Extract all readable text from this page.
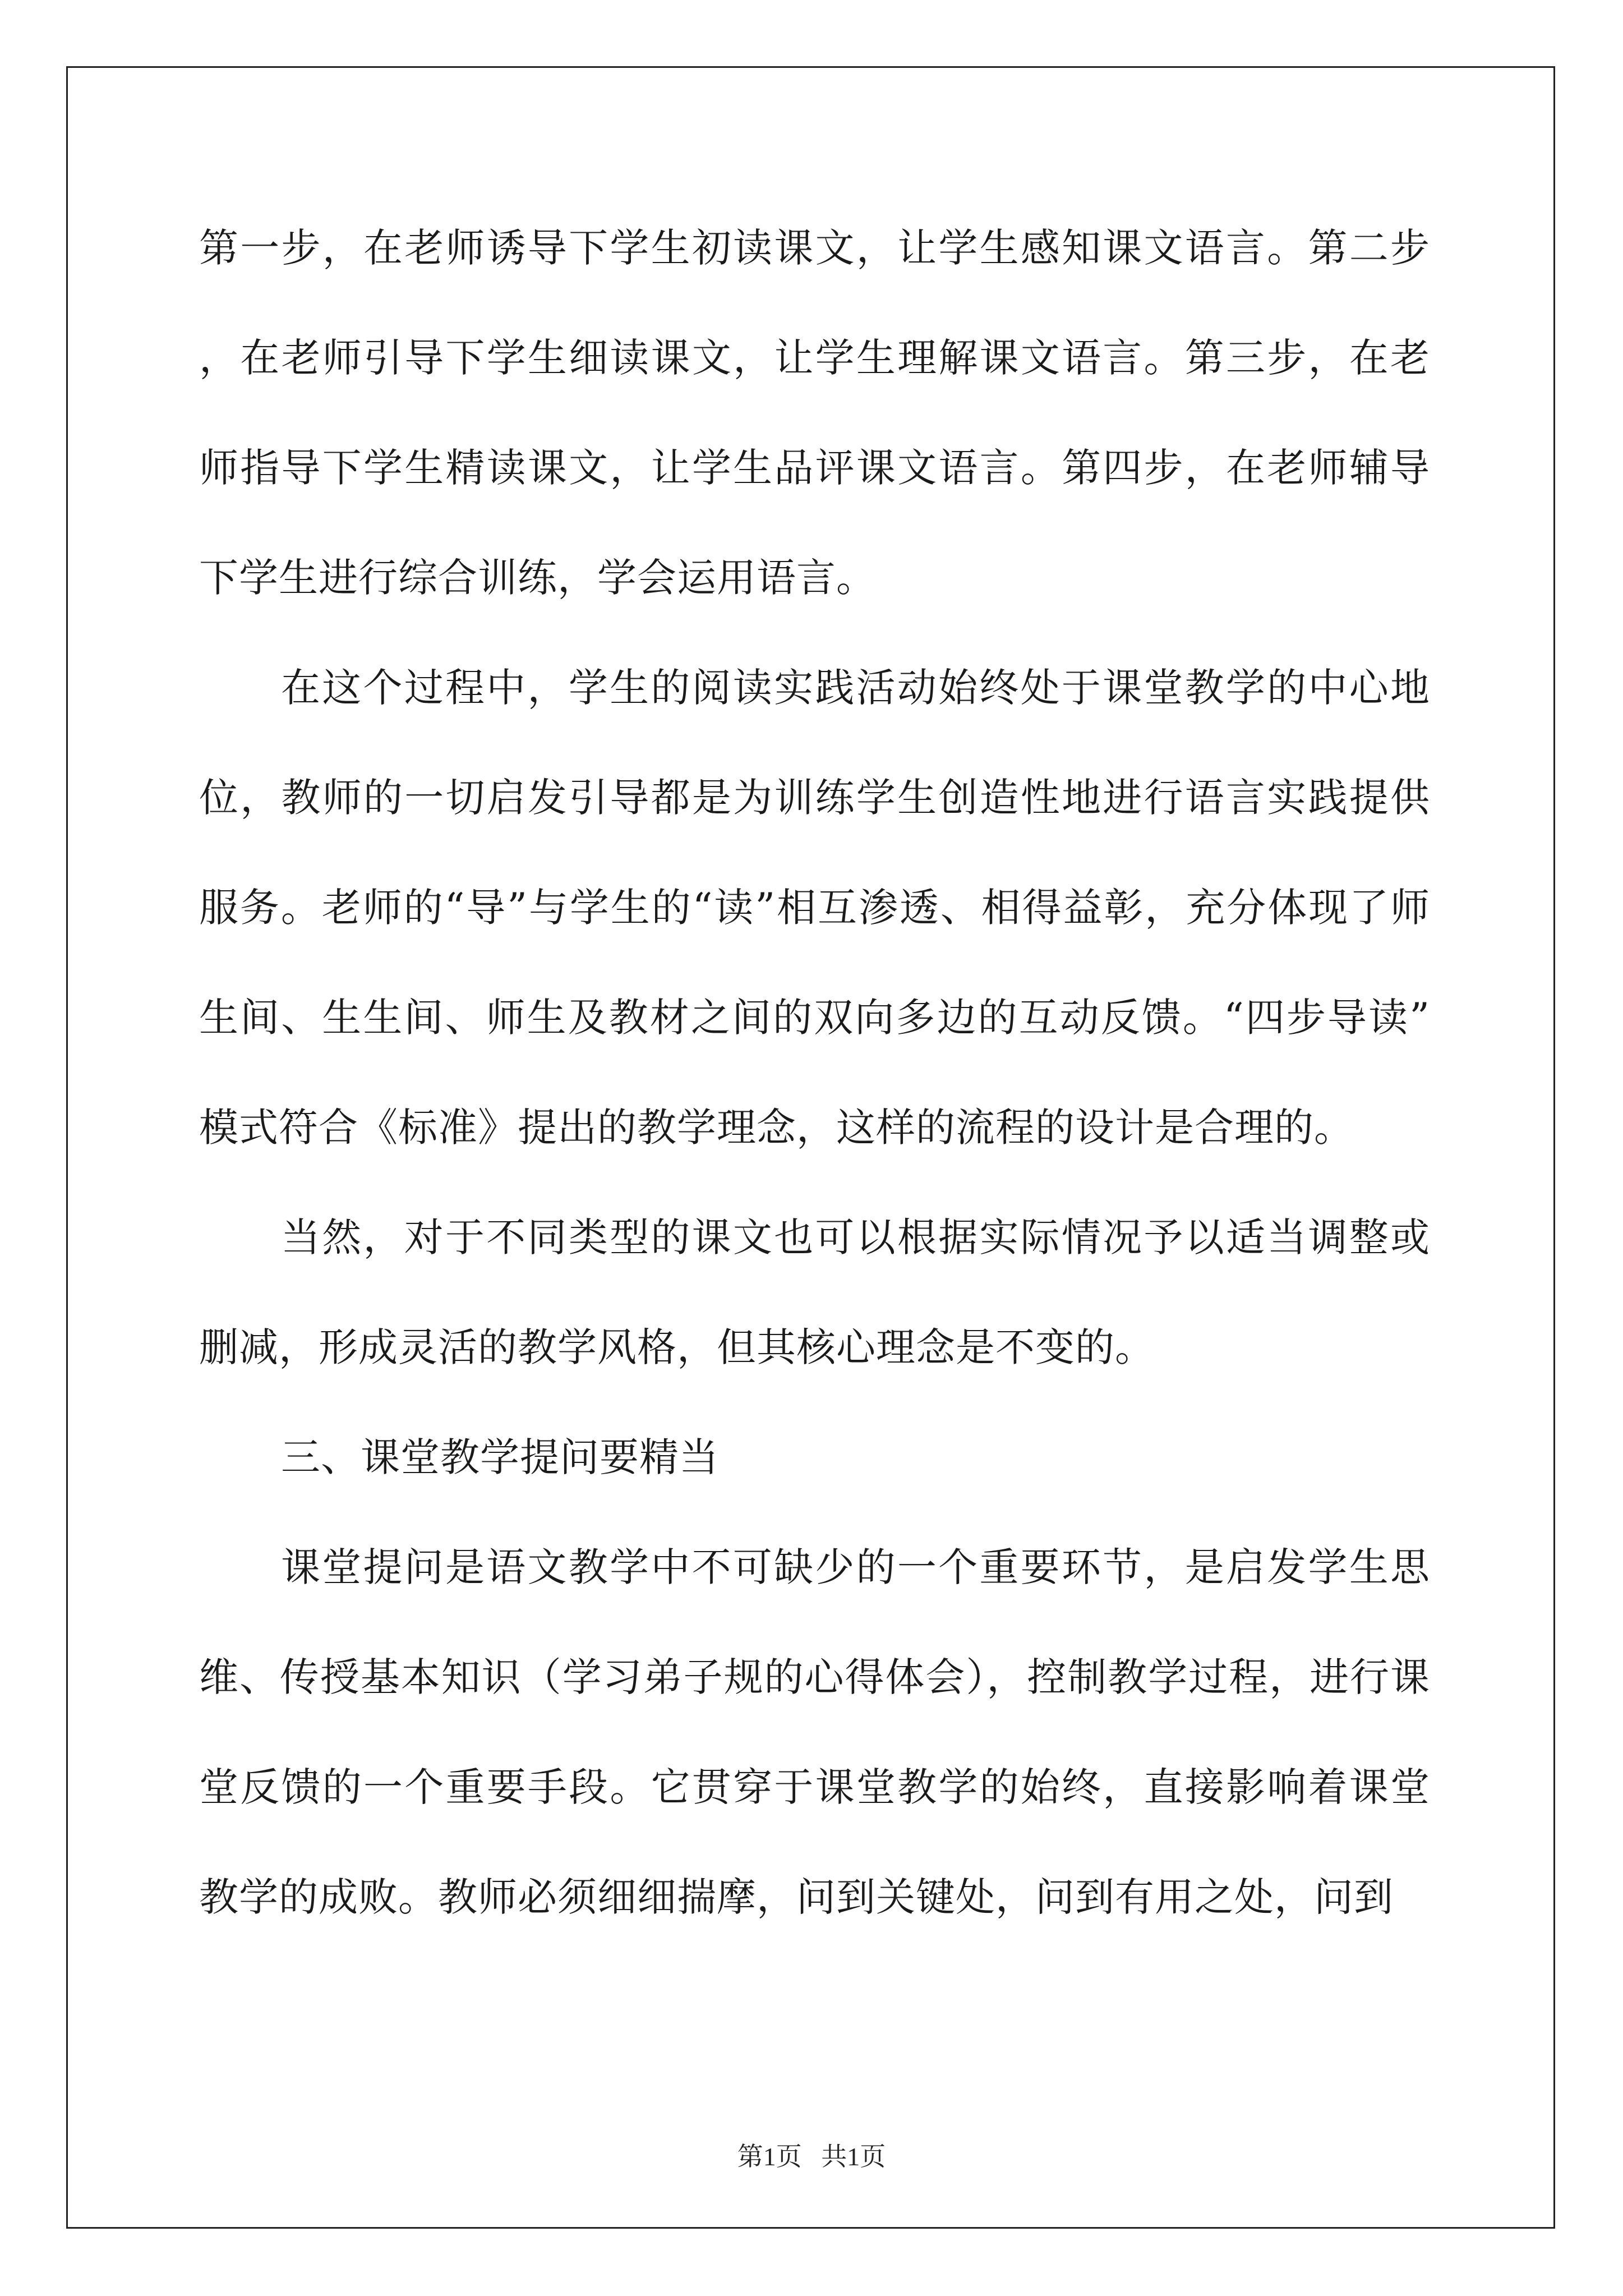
第一步，在老师诱导下学生初读课文，让学生感知课文语言。第二步，在老师引导下学生细读课文，让学生理解课文语言。第三步，在老师指导下学生精读课文，让学生品评课文语言。第四步，在老师辅导下学生进行综合训练，学会运用语言。

在这个过程中，学生的阅读实践活动始终处于课堂教学的中心地位，教师的一切启发引导都是为训练学生创造性地进行语言实践提供服务。老师的“导”与学生的“读”相互渗透、相得益彰，充分体现了师生间、生生间、师生及教材之间的双向多边的互动反馈。“四步导读”模式符合《标准》提出的教学理念，这样的流程的设计是合理的。

当然，对于不同类型的课文也可以根据实际情况予以适当调整或删减，形成灵活的教学风格，但其核心理念是不变的。

三、课堂教学提问要精当

课堂提问是语文教学中不可缺少的一个重要环节，是启发学生思维、传授基本知识（学习弟子规的心得体会），控制教学过程，进行课堂反馈的一个重要手段。它贯穿于课堂教学的始终，直接影响着课堂教学的成败。教师必须细细揣摩，问到关键处，问到有用之处，问到

第1页   共1页
